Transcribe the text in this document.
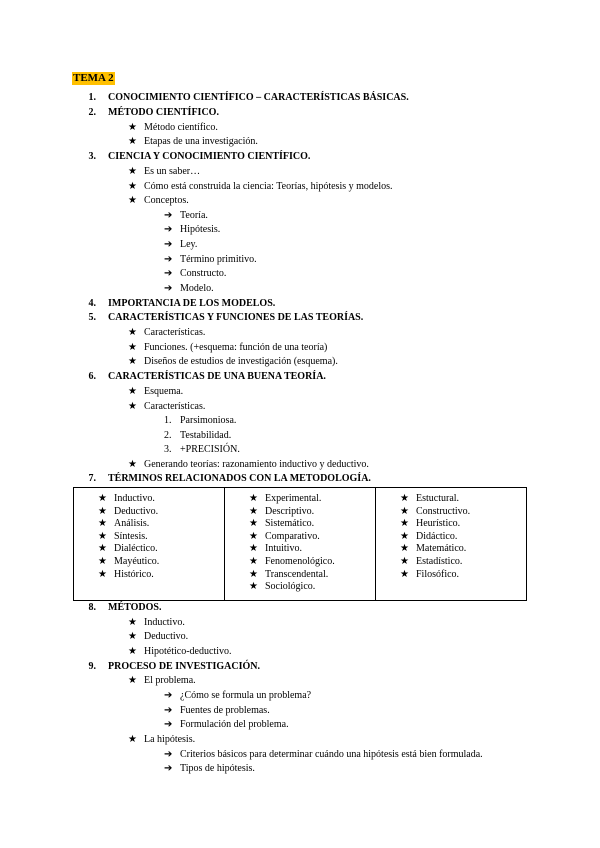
TEMA 2
1. CONOCIMIENTO CIENTÍFICO – CARACTERÍSTICAS BÁSICAS.
2. MÉTODO CIENTÍFICO.
★ Método científico.
★ Etapas de una investigación.
3. CIENCIA Y CONOCIMIENTO CIENTÍFICO.
★ Es un saber…
★ Cómo está construida la ciencia: Teorías, hipótesis y modelos.
★ Conceptos.
➔ Teoría.
➔ Hipótesis.
➔ Ley.
➔ Término primitivo.
➔ Constructo.
➔ Modelo.
4. IMPORTANCIA DE LOS MODELOS.
5. CARACTERÍSTICAS Y FUNCIONES DE LAS TEORÍAS.
★ Características.
★ Funciones. (+esquema: función de una teoría)
★ Diseños de estudios de investigación (esquema).
6. CARACTERÍSTICAS DE UNA BUENA TEORÍA.
★ Esquema.
★ Características.
1. Parsimoniosa.
2. Testabilidad.
3. +PRECISIÓN.
★ Generando teorías: razonamiento inductivo y deductivo.
7. TÉRMINOS RELACIONADOS CON LA METODOLOGÍA.
★ Inductivo.
★ Deductivo.
★ Análisis.
★ Síntesis.
★ Dialéctico.
★ Mayéutico.
★ Histórico.

★ Experimental.
★ Descriptivo.
★ Sistemático.
★ Comparativo.
★ Intuitivo.
★ Fenomenológico.
★ Transcendental.
★ Sociológico.

★ Estuctural.
★ Constructivo.
★ Heurístico.
★ Didáctico.
★ Matemático.
★ Estadístico.
★ Filosófico.
8. MÉTODOS.
★ Inductivo.
★ Deductivo.
★ Hipotético-deductivo.
9. PROCESO DE INVESTIGACIÓN.
★ El problema.
➔ ¿Cómo se formula un problema?
➔ Fuentes de problemas.
➔ Formulación del problema.
★ La hipótesis.
➔ Criterios básicos para determinar cuándo una hipótesis está bien formulada.
➔ Tipos de hipótesis.
